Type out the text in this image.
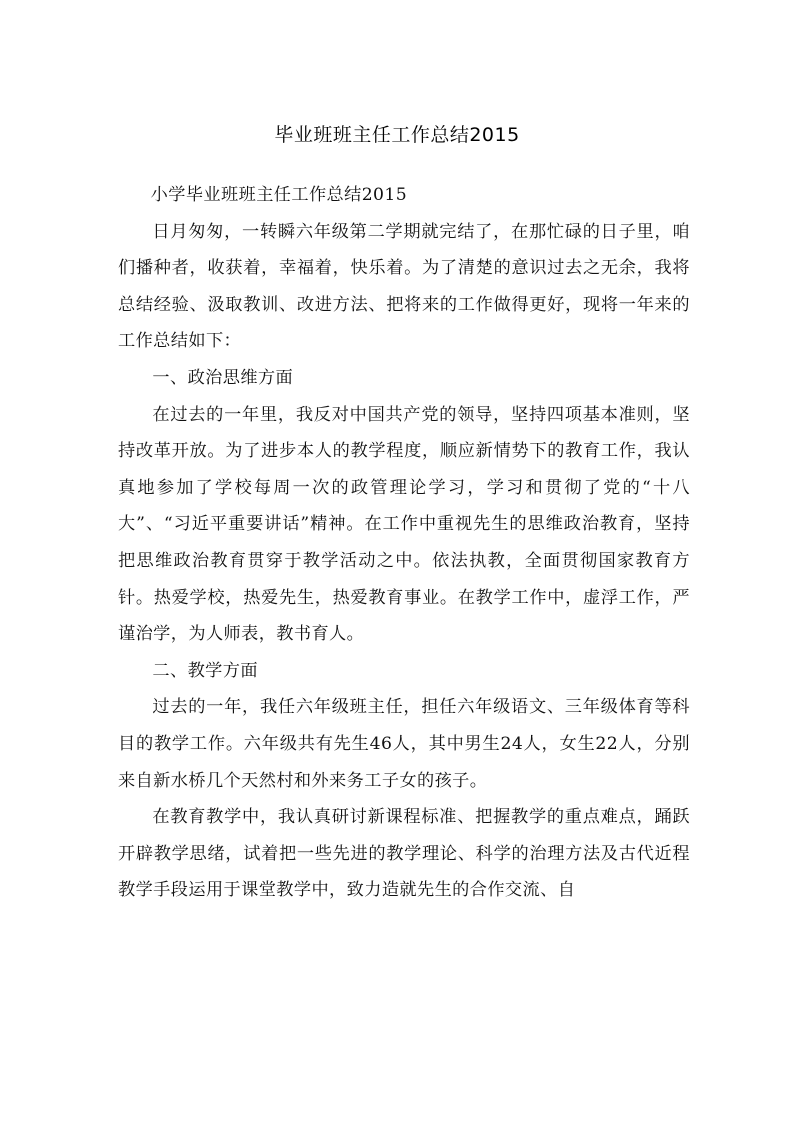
毕业班班主任工作总结2015

小学毕业班班主任工作总结2015

日月匆匆，一转瞬六年级第二学期就完结了，在那忙碌的日子里，咱们播种者，收获着，幸福着，快乐着。为了清楚的意识过去之无余，我将总结经验、汲取教训、改进方法、把将来的工作做得更好，现将一年来的工作总结如下：

一、政治思维方面

在过去的一年里，我反对中国共产党的领导，坚持四项基本准则，坚持改革开放。为了进步本人的教学程度，顺应新情势下的教育工作，我认真地参加了学校每周一次的政管理论学习，学习和贯彻了党的“十八大”、“习近平重要讲话”精神。在工作中重视先生的思维政治教育，坚持把思维政治教育贯穿于教学活动之中。依法执教，全面贯彻国家教育方针。热爱学校，热爱先生，热爱教育事业。在教学工作中，虚浮工作，严谨治学，为人师表，教书育人。

二、教学方面

过去的一年，我任六年级班主任，担任六年级语文、三年级体育等科目的教学工作。六年级共有先生46人，其中男生24人，女生22人，分别来自新水桥几个天然村和外来务工子女的孩子。

在教育教学中，我认真研讨新课程标准、把握教学的重点难点，踊跃开辟教学思绪，试着把一些先进的教学理论、科学的治理方法及古代近程教学手段运用于课堂教学中，致力造就先生的合作交流、自
